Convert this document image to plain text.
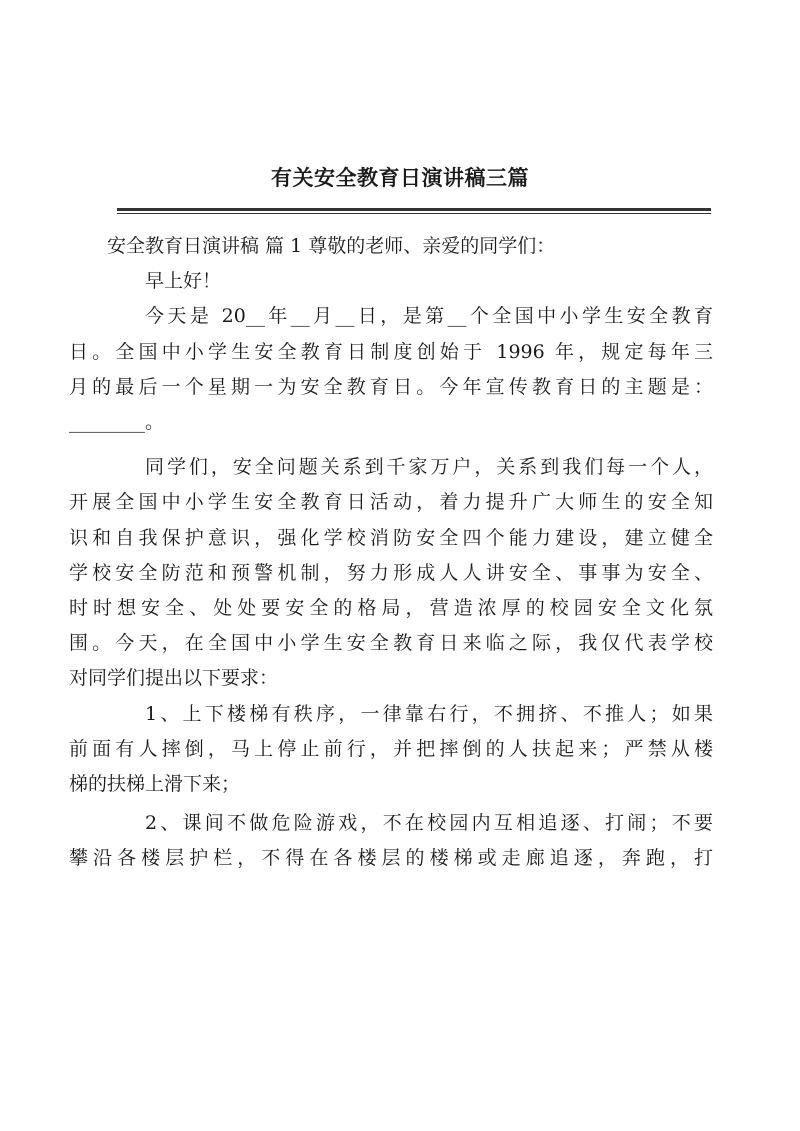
有关安全教育日演讲稿三篇

安全教育日演讲稿 篇 1 尊敬的老师、亲爱的同学们：

早上好！

今天是 20__年__月__日，是第__个全国中小学生安全教育
日。全国中小学生安全教育日制度创始于 1996 年，规定每年三
月的最后一个星期一为安全教育日。今年宣传教育日的主题是：
________。

同学们，安全问题关系到千家万户，关系到我们每一个人，
开展全国中小学生安全教育日活动，着力提升广大师生的安全知
识和自我保护意识，强化学校消防安全四个能力建设，建立健全
学校安全防范和预警机制，努力形成人人讲安全、事事为安全、
时时想安全、处处要安全的格局，营造浓厚的校园安全文化氛
围。今天，在全国中小学生安全教育日来临之际，我仅代表学校
对同学们提出以下要求：

1、上下楼梯有秩序，一律靠右行，不拥挤、不推人；如果
前面有人摔倒，马上停止前行，并把摔倒的人扶起来；严禁从楼
梯的扶梯上滑下来；

2、课间不做危险游戏，不在校园内互相追逐、打闹；不要
攀沿各楼层护栏，不得在各楼层的楼梯或走廊追逐，奔跑，打
